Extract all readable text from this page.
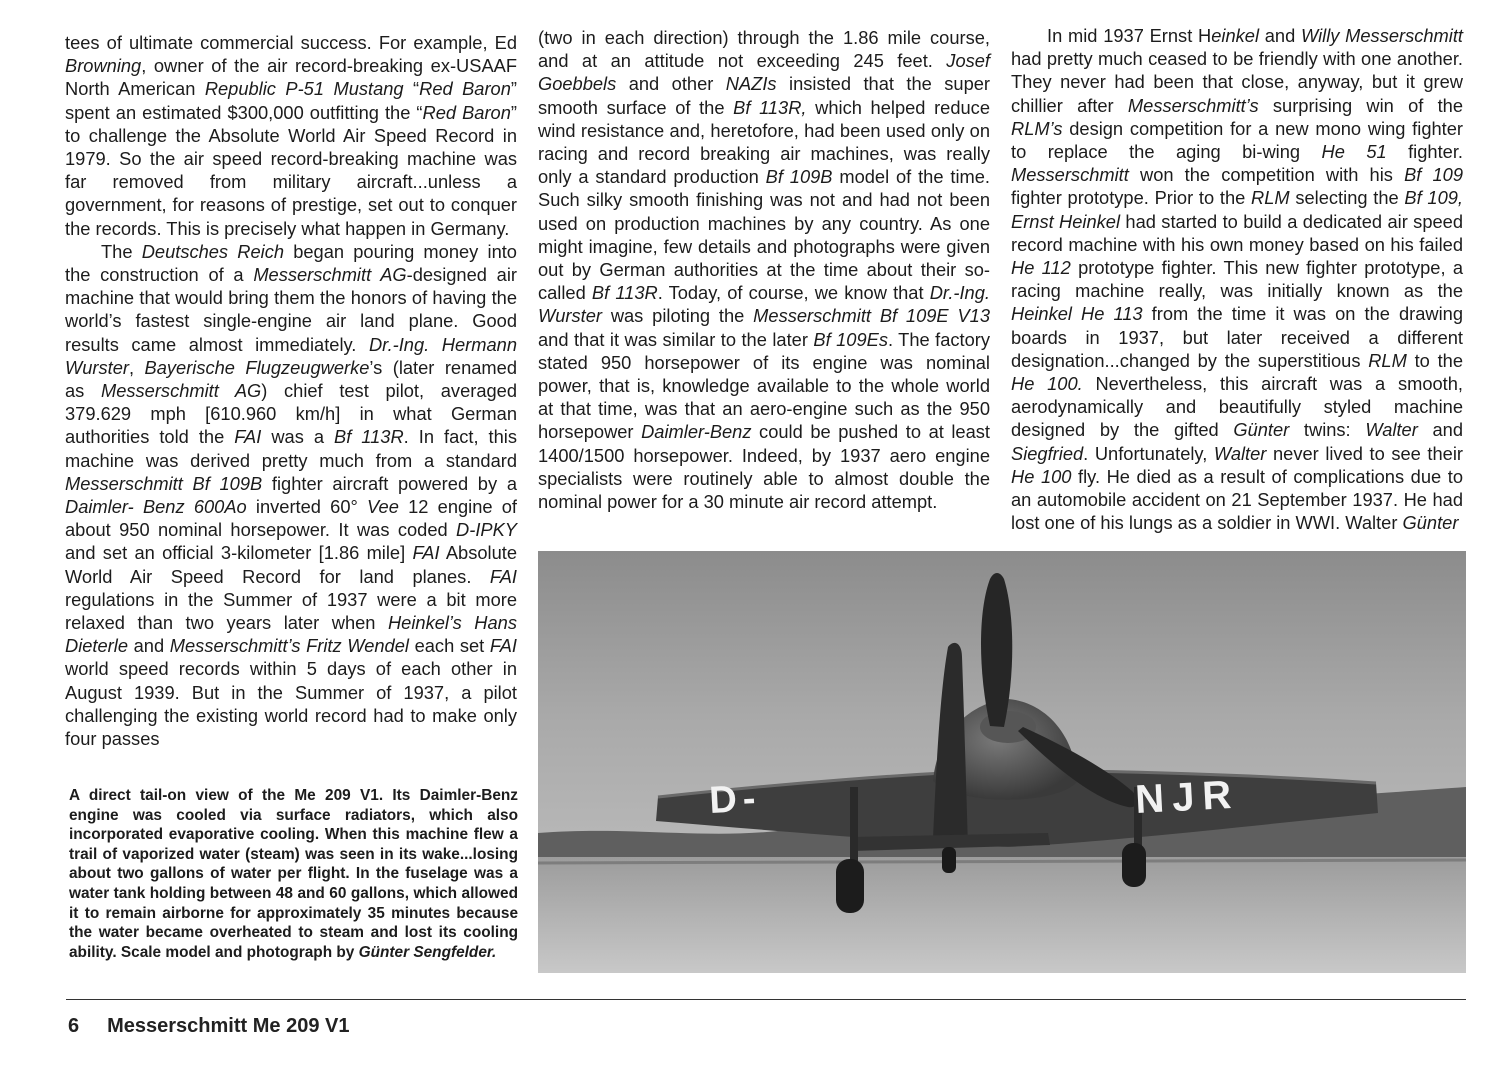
tees of ultimate commercial success. For example, Ed Browning, owner of the air record-breaking ex-USAAF North American Republic P-51 Mustang “Red Baron” spent an estimated $300,000 outfitting the “Red Baron” to challenge the Absolute World Air Speed Record in 1979. So the air speed record-breaking machine was far removed from military aircraft...unless a government, for reasons of prestige, set out to conquer the records. This is precisely what happen in Germany.

The Deutsches Reich began pouring money into the construction of a Messerschmitt AG-designed air machine that would bring them the honors of having the world’s fastest single-engine air land plane. Good results came almost immediately. Dr.-Ing. Hermann Wurster, Bayerische Flugzeugwerke’s (later renamed as Messerschmitt AG) chief test pilot, averaged 379.629 mph [610.960 km/h] in what German authorities told the FAI was a Bf 113R. In fact, this machine was derived pretty much from a standard Messerschmitt Bf 109B fighter aircraft powered by a Daimler- Benz 600Ao inverted 60° Vee 12 engine of about 950 nominal horsepower. It was coded D-IPKY and set an official 3-kilometer [1.86 mile] FAI Absolute World Air Speed Record for land planes. FAI regulations in the Summer of 1937 were a bit more relaxed than two years later when Heinkel’s Hans Dieterle and Messerschmitt’s Fritz Wendel each set FAI world speed records within 5 days of each other in August 1939. But in the Summer of 1937, a pilot challenging the existing world record had to make only four passes

(two in each direction) through the 1.86 mile course, and at an attitude not exceeding 245 feet. Josef Goebbels and other NAZIs insisted that the super smooth surface of the Bf 113R, which helped reduce wind resistance and, heretofore, had been used only on racing and record breaking air machines, was really only a standard production Bf 109B model of the time. Such silky smooth finishing was not and had not been used on production machines by any country. As one might imagine, few details and photographs were given out by German authorities at the time about their so-called Bf 113R. Today, of course, we know that Dr.-Ing. Wurster was piloting the Messerschmitt Bf 109E V13 and that it was similar to the later Bf 109Es. The factory stated 950 horsepower of its engine was nominal power, that is, knowledge available to the whole world at that time, was that an aero-engine such as the 950 horsepower Daimler-Benz could be pushed to at least 1400/1500 horsepower. Indeed, by 1937 aero engine specialists were routinely able to almost double the nominal power for a 30 minute air record attempt.

In mid 1937 Ernst Heinkel and Willy Messerschmitt had pretty much ceased to be friendly with one another. They never had been that close, anyway, but it grew chillier after Messerschmitt’s surprising win of the RLM’s design competition for a new mono wing fighter to replace the aging bi-wing He 51 fighter. Messerschmitt won the competition with his Bf 109 fighter prototype. Prior to the RLM selecting the Bf 109, Ernst Heinkel had started to build a dedicated air speed record machine with his own money based on his failed He 112 prototype fighter. This new fighter prototype, a racing machine really, was initially known as the Heinkel He 113 from the time it was on the drawing boards in 1937, but later received a different designation...changed by the superstitious RLM to the He 100. Nevertheless, this aircraft was a smooth, aerodynamically and beautifully styled machine designed by the gifted Günter twins: Walter and Siegfried. Unfortunately, Walter never lived to see their He 100 fly. He died as a result of complications due to an automobile accident on 21 September 1937. He had lost one of his lungs as a soldier in WWI. Walter Günter

A direct tail-on view of the Me 209 V1. Its Daimler-Benz engine was cooled via surface radiators, which also incorporated evaporative cooling. When this machine flew a trail of vaporized water (steam) was seen in its wake...losing about two gallons of water per flight. In the fuselage was a water tank holding between 48 and 60 gallons, which allowed it to remain airborne for approximately 35 minutes because the water became overheated to steam and lost its cooling ability. Scale model and photograph by Günter Sengfelder.
D-	NJR
6 Messerschmitt Me 209 V1
